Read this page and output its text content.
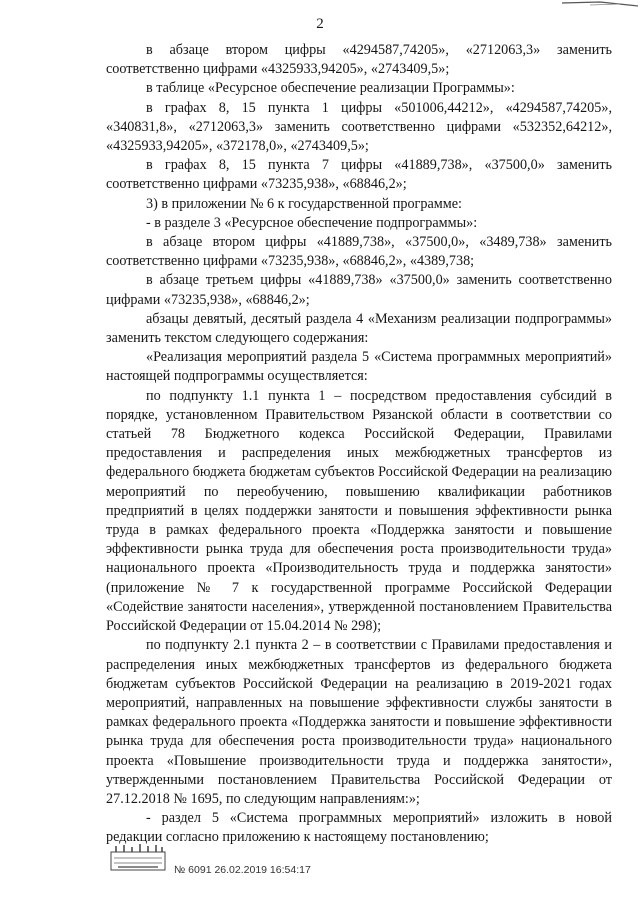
2

в абзаце втором цифры «4294587,74205», «2712063,3» заменить соответственно цифрами «4325933,94205», «2743409,5»;

в таблице «Ресурсное обеспечение реализации Программы»:

в графах 8, 15 пункта 1 цифры «501006,44212», «4294587,74205», «340831,8», «2712063,3» заменить соответственно цифрами «532352,64212», «4325933,94205», «372178,0», «2743409,5»;

в графах 8, 15 пункта 7 цифры «41889,738», «37500,0» заменить соответственно цифрами «73235,938», «68846,2»;

3) в приложении № 6 к государственной программе:

- в разделе 3 «Ресурсное обеспечение подпрограммы»:

в абзаце втором цифры «41889,738», «37500,0», «3489,738» заменить соответственно цифрами «73235,938», «68846,2», «4389,738;

в абзаце третьем цифры «41889,738» «37500,0» заменить соответственно цифрами «73235,938», «68846,2»;

абзацы девятый, десятый раздела 4 «Механизм реализации подпрограммы» заменить текстом следующего содержания:

«Реализация мероприятий раздела 5 «Система программных мероприятий» настоящей подпрограммы осуществляется:

по подпункту 1.1 пункта 1 – посредством предоставления субсидий в порядке, установленном Правительством Рязанской области в соответствии со статьей 78 Бюджетного кодекса Российской Федерации, Правилами предоставления и распределения иных межбюджетных трансфертов из федерального бюджета бюджетам субъектов Российской Федерации на реализацию мероприятий по переобучению, повышению квалификации работников предприятий в целях поддержки занятости и повышения эффективности рынка труда в рамках федерального проекта «Поддержка занятости и повышение эффективности рынка труда для обеспечения роста производительности труда» национального проекта «Производительность труда и поддержка занятости» (приложение № 7 к государственной программе Российской Федерации «Содействие занятости населения», утвержденной постановлением Правительства Российской Федерации от 15.04.2014 № 298);

по подпункту 2.1 пункта 2 – в соответствии с Правилами предоставления и распределения иных межбюджетных трансфертов из федерального бюджета бюджетам субъектов Российской Федерации на реализацию в 2019-2021 годах мероприятий, направленных на повышение эффективности службы занятости в рамках федерального проекта «Поддержка занятости и повышение эффективности рынка труда для обеспечения роста производительности труда» национального проекта «Повышение производительности труда и поддержка занятости», утвержденными постановлением Правительства Российской Федерации от 27.12.2018 № 1695, по следующим направлениям:»;

- раздел 5 «Система программных мероприятий» изложить в новой редакции согласно приложению к настоящему постановлению;

№ 6091 26.02.2019 16:54:17
